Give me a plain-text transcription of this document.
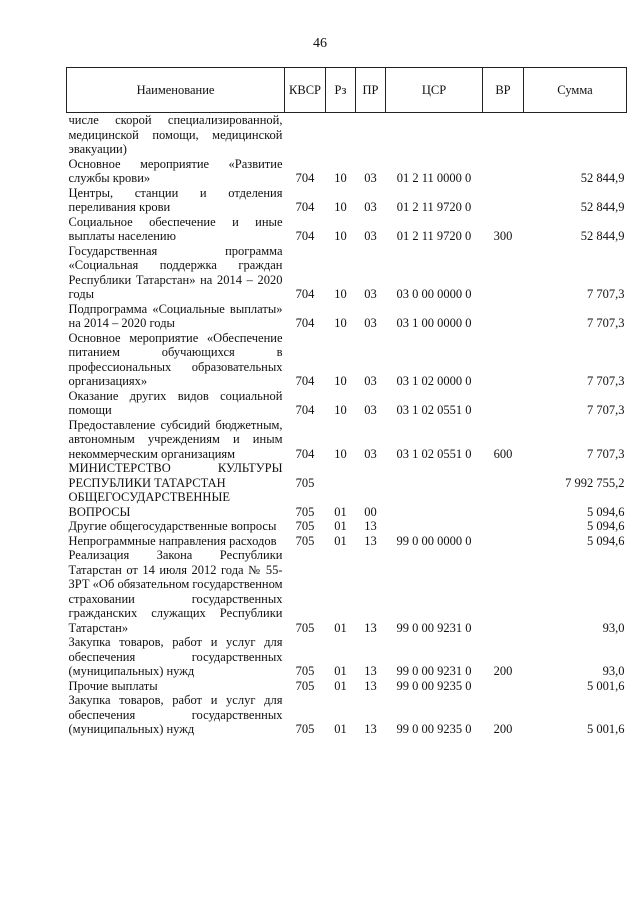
46
Наименование	КВСР	Рз	ПР	ЦСР	ВР	Сумма
числе скорой специализированной, медицинской помощи, медицинской эвакуации)						
Основное мероприятие «Развитие службы крови»	704	10	03	01 2 11 0000 0		52 844,9
Центры, станции и отделения переливания крови	704	10	03	01 2 11 9720 0		52 844,9
Социальное обеспечение и иные выплаты населению	704	10	03	01 2 11 9720 0	300	52 844,9
Государственная программа «Социальная поддержка граждан Республики Татарстан» на 2014 – 2020 годы	704	10	03	03 0 00 0000 0		7 707,3
Подпрограмма «Социальные выплаты» на 2014 – 2020 годы	704	10	03	03 1 00 0000 0		7 707,3
Основное мероприятие «Обеспечение питанием обучающихся в профессиональных образовательных организациях»	704	10	03	03 1 02 0000 0		7 707,3
Оказание других видов социальной помощи	704	10	03	03 1 02 0551 0		7 707,3
Предоставление субсидий бюджетным, автономным учреждениям и иным некоммерческим организациям	704	10	03	03 1 02 0551 0	600	7 707,3
МИНИСТЕРСТВО КУЛЬТУРЫ РЕСПУБЛИКИ ТАТАРСТАН	705					7 992 755,2
ОБЩЕГОСУДАРСТВЕННЫЕ ВОПРОСЫ	705	01	00			5 094,6
Другие общегосударственные вопросы	705	01	13			5 094,6
Непрограммные направления расходов	705	01	13	99 0 00 0000 0		5 094,6
Реализация Закона Республики Татарстан от 14 июля 2012 года № 55-ЗРТ «Об обязательном государственном страховании государственных гражданских служащих Республики Татарстан»	705	01	13	99 0 00 9231 0		93,0
Закупка товаров, работ и услуг для обеспечения государственных (муниципальных) нужд	705	01	13	99 0 00 9231 0	200	93,0
Прочие выплаты	705	01	13	99 0 00 9235 0		5 001,6
Закупка товаров, работ и услуг для обеспечения государственных (муниципальных) нужд	705	01	13	99 0 00 9235 0	200	5 001,6
